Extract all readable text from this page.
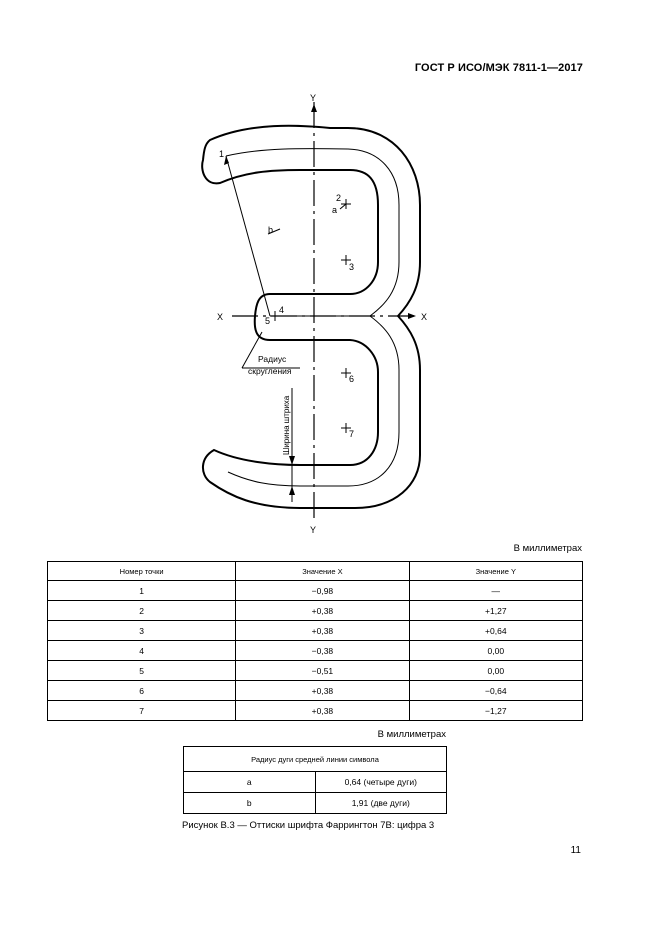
ГОСТ Р ИСО/МЭК 7811-1—2017
Y
Y
X	X
1
2
3
4
5
6
7
a
b
Радиус
скругления
Ширина штриха
В миллиметрах
Номер точки	Значение X	Значение Y
1	−0,98	—
2	+0,38	+1,27
3	+0,38	+0,64
4	−0,38	0,00
5	−0,51	0,00
6	+0,38	−0,64
7	+0,38	−1,27
В миллиметрах
Радиус дуги средней линии символа	
a	0,64 (четыре дуги)
b	1,91 (две дуги)
Рисунок В.3 — Оттиски шрифта Фаррингтон 7В: цифра 3
11
